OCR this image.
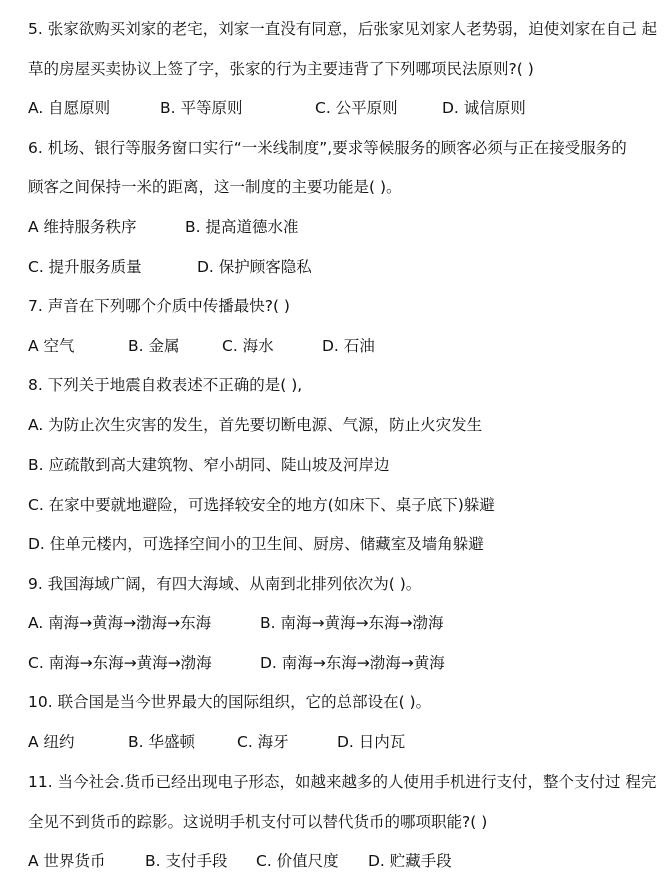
5. 张家欲购买刘家的老宅，刘家一直没有同意，后张家见刘家人老势弱，迫使刘家在自己 起
草的房屋买卖协议上签了字，张家的行为主要违背了下列哪项民法原则?( )
A. 自愿原则	B. 平等原则	C. 公平原则	D. 诚信原则
6. 机场、银行等服务窗口实行“一米线制度”,要求等候服务的顾客必须与正在接受服务的
顾客之间保持一米的距离，这一制度的主要功能是( )。
A 维持服务秩序	B. 提高道德水准
C. 提升服务质量	D. 保护顾客隐私
7. 声音在下列哪个介质中传播最快?( )
A 空气	B. 金属	C. 海水	D. 石油
8. 下列关于地震自救表述不正确的是( ),
A. 为防止次生灾害的发生，首先要切断电源、气源，防止火灾发生
B. 应疏散到高大建筑物、窄小胡同、陡山坡及河岸边
C. 在家中要就地避险，可选择较安全的地方(如床下、桌子底下)躲避
D. 住单元楼内，可选择空间小的卫生间、厨房、储藏室及墙角躲避
9. 我国海域广阔，有四大海域、从南到北排列依次为( )。
A. 南海→黄海→渤海→东海	B. 南海→黄海→东海→渤海
C. 南海→东海→黄海→渤海	D. 南海→东海→渤海→黄海
10. 联合国是当今世界最大的国际组织，它的总部设在( )。
A 纽约	B. 华盛顿	C. 海牙	D. 日内瓦
11. 当今社会.货币已经出现电子形态，如越来越多的人使用手机进行支付，整个支付过 程完
全见不到货币的踪影。这说明手机支付可以替代货币的哪项职能?( )
A 世界货币	B. 支付手段 C. 价值尺度 D. 贮藏手段
